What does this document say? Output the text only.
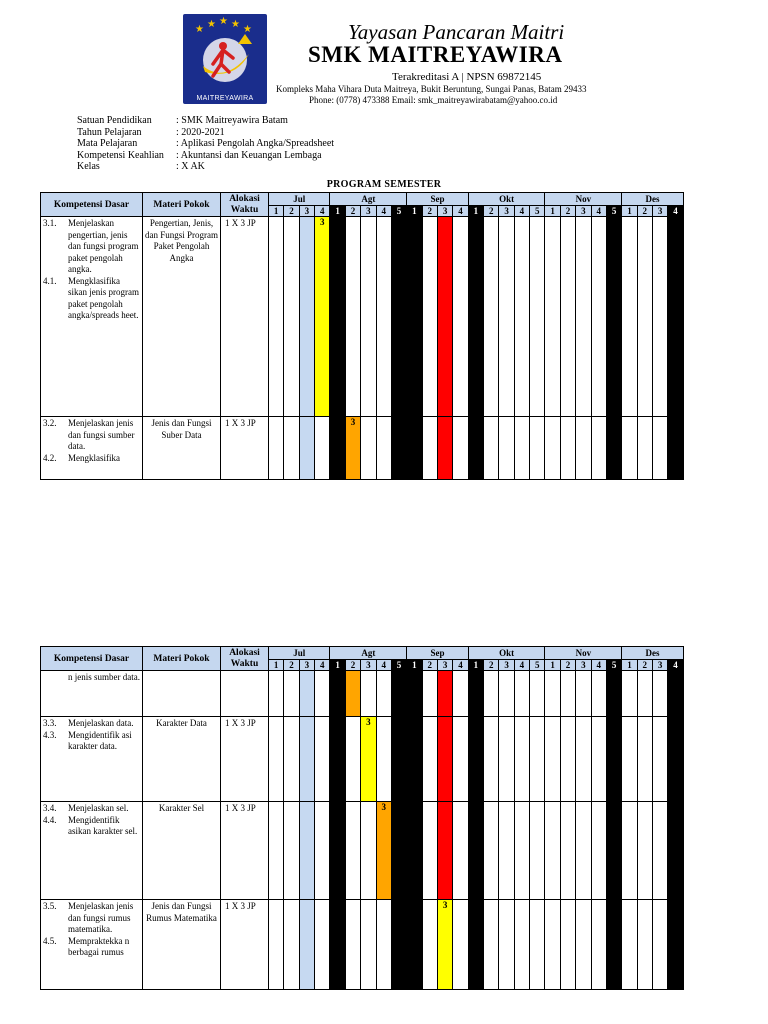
★ ★ ★ ★ ★
MAITREYAWIRA
Yayasan Pancaran Maitri
SMK MAITREYAWIRA
Terakreditasi A | NPSN 69872145
Kompleks Maha Vihara Duta Maitreya, Bukit Beruntung, Sungai Panas, Batam 29433
Phone: (0778) 473388 Email: smk_maitreyawirabatam@yahoo.co.id
Satuan Pendidikan	: SMK Maitreyawira Batam
Tahun Pelajaran	: 2020-2021
Mata Pelajaran	: Aplikasi Pengolah Angka/Spreadsheet
Kompetensi Keahlian	: Akuntansi dan Keuangan Lembaga
Kelas	: X AK
PROGRAM SEMESTER
Kompetensi Dasar	Materi Pokok	Alokasi Waktu	Jul				Agt					Sep				Okt					Nov					Des			
			1	2	3	4	1	2	3	4	5	1	2	3	4	1	2	3	4	5	1	2	3	4	5	1	2	3	4

3.1. Menjelaskan pengertian, jenis dan fungsi program paket pengolah angka.
4.1. Mengklasifika sikan jenis program paket pengolah angka/spreads heet.	Pengertian, Jenis, dan Fungsi Program Paket Pengolah Angka	1 X 3 JP				3																							

3.2. Menjelaskan jenis dan fungsi sumber data.
4.2. Mengklasifika	Jenis dan Fungsi Suber Data	1 X 3 JP						3																					
Kompetensi Dasar	Materi Pokok	Alokasi Waktu	Jul				Agt					Sep				Okt					Nov					Des			
			1	2	3	4	1	2	3	4	5	1	2	3	4	1	2	3	4	5	1	2	3	4	5	1	2	3	4

n jenis sumber data.																													

3.3. Menjelaskan data.
4.3. Mengidentifik asi karakter data.	Karakter Data	1 X 3 JP							3																				

3.4. Menjelaskan sel.
4.4. Mengidentifik asikan karakter sel.	Karakter Sel	1 X 3 JP								3																			

3.5. Menjelaskan jenis dan fungsi rumus matematika.
4.5. Mempraktekka n berbagai rumus	Jenis dan Fungsi Rumus Matematika	1 X 3 JP												3															
